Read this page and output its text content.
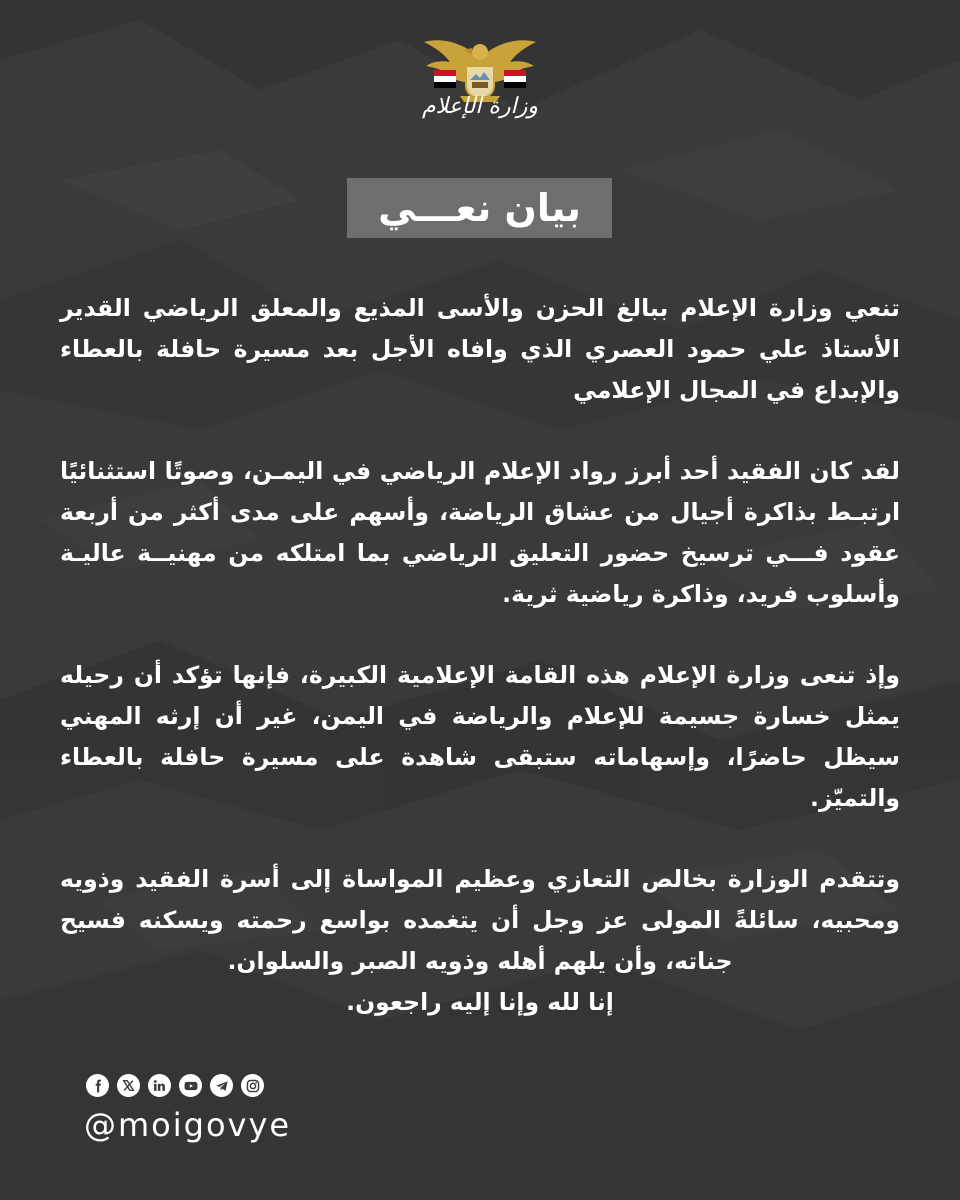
وزارة الإعلام
بيان نعـــي

تنعي وزارة الإعلام ببالغ الحزن والأسى المذيع والمعلق الرياضي القدير الأستاذ علي حمود العصري الذي وافاه الأجل بعد مسيرة حافلة بالعطاء والإبداع في المجال الإعلامي

لقد كان الفقيد أحد أبرز رواد الإعلام الرياضي في اليمـن، وصوتًا استثنائيًا ارتبـط بذاكرة أجيال من عشاق الرياضة، وأسهم على مدى أكثر من أربعة عقود فـــي ترسيخ حضور التعليق الرياضي بما امتلكه من مهنيــة عاليـة وأسلوب فريد، وذاكرة رياضية ثرية.

وإذ تنعى وزارة الإعلام هذه القامة الإعلامية الكبيرة، فإنها تؤكد أن رحيله يمثل خسارة جسيمة للإعلام والرياضة في اليمن، غير أن إرثه المهني سيظل حاضرًا، وإسهاماته ستبقى شاهدة على مسيرة حافلة بالعطاء والتميّز.

وتتقدم الوزارة بخالص التعازي وعظيم المواساة إلى أسرة الفقيد وذويه ومحبيه، سائلةً المولى عز وجل أن يتغمده بواسع رحمته ويسكنه فسيح جناته، وأن يلهم أهله وذويه الصبر والسلوان.
إنا لله وإنا إليه راجعون.

@moigovye
